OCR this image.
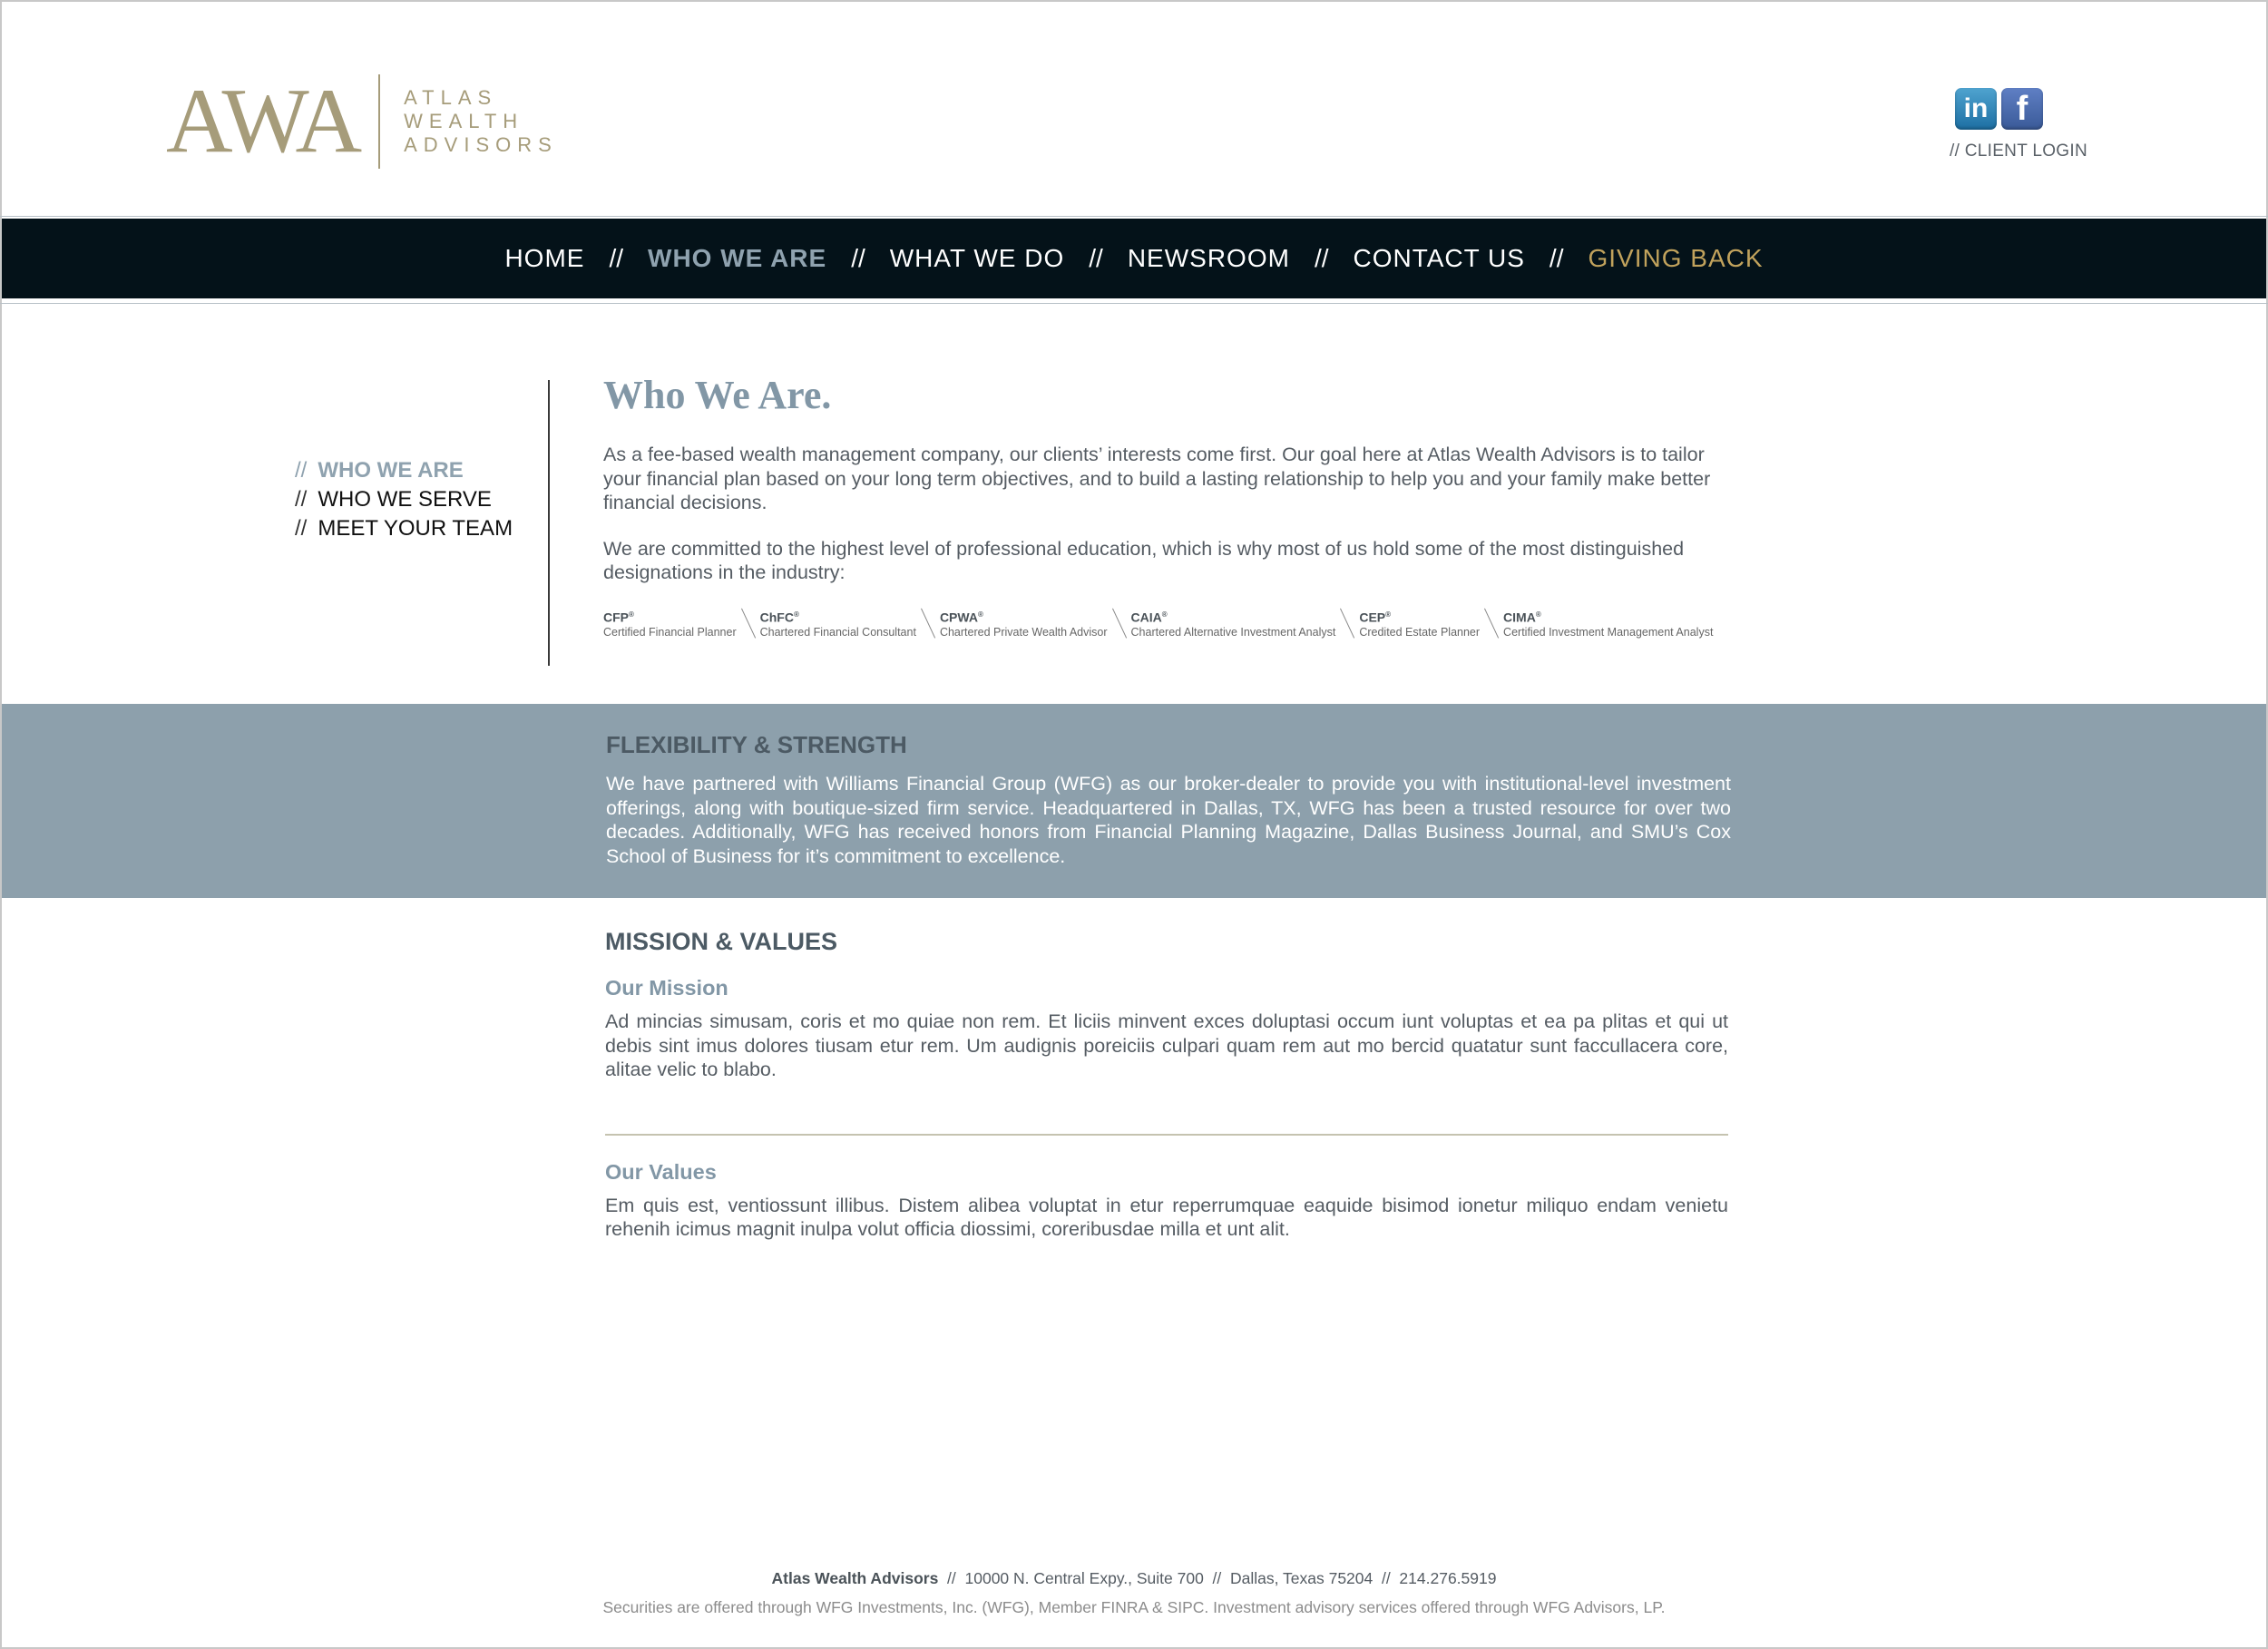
AWA ATLAS
WEALTH
ADVISORS
in f
// CLIENT LOGIN
HOME // WHO WE ARE // WHAT WE DO // NEWSROOM // CONTACT US // GIVING BACK
// WHO WE ARE
// WHO WE SERVE
// MEET YOUR TEAM
Who We Are.

As a fee-based wealth management company, our clients’ interests come first. Our goal here at Atlas Wealth Advisors is to tailor your financial plan based on your long term objectives, and to build a lasting relationship to help you and your family make better financial decisions.

We are committed to the highest level of professional education, which is why most of us hold some of the most distinguished designations in the industry:

CFP®
Certified Financial Planner
ChFC®
Chartered Financial Consultant
CPWA®
Chartered Private Wealth Advisor
CAIA®
Chartered Alternative Investment Analyst
CEP®
Credited Estate Planner
CIMA®
Certified Investment Management Analyst
FLEXIBILITY & STRENGTH
We have partnered with Williams Financial Group (WFG) as our broker-dealer to provide you with institutional-level investment offerings, along with boutique-sized firm service. Headquartered in Dallas, TX, WFG has been a trusted resource for over two decades. Additionally, WFG has received honors from Financial Planning Magazine, Dallas Business Journal, and SMU’s Cox School of Business for it’s commitment to excellence.
MISSION & VALUES
Our Mission
Ad mincias simusam, coris et mo quiae non rem. Et liciis minvent exces doluptasi occum iunt voluptas et ea pa plitas et qui ut debis sint imus dolores tiusam etur rem. Um audignis poreiciis culpari quam rem aut mo bercid quatatur sunt faccullacera core, alitae velic to blabo.
Our Values
Em quis est, ventiossunt illibus. Distem alibea voluptat in etur reperrumquae eaquide bisimod ionetur miliquo endam venietu rehenih icimus magnit inulpa volut officia diossimi, coreribusdae milla et unt alit.
Atlas Wealth Advisors  //  10000 N. Central Expy., Suite 700  //  Dallas, Texas 75204  //  214.276.5919
Securities are offered through WFG Investments, Inc. (WFG), Member FINRA & SIPC. Investment advisory services offered through WFG Advisors, LP.
